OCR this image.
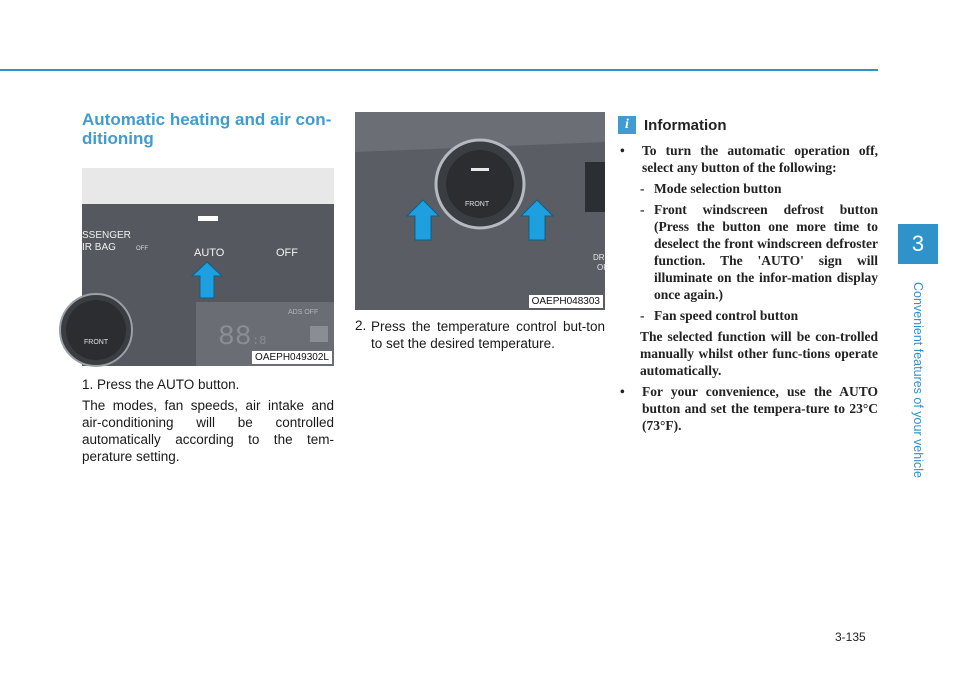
Automatic heating and air con-ditioning
SSENGER
IR BAG	OFF	AUTO	OFF
FRONT
ADS OFF
88 :8
OAEPH049302L

1. Press the AUTO button.

The modes, fan speeds, air intake and air-conditioning will be controlled automatically according to the tem-perature setting.

FRONT
DR
OF
OAEPH048303
2. Press the temperature control but-ton to set the desired temperature.

i	Information
•	To turn the automatic operation off, select any button of the following:

- Mode selection button

- Front windscreen defrost button (Press the button one more time to deselect the front windscreen defroster function. The 'AUTO' sign will illuminate on the infor-mation display once again.)

- Fan speed control button

The selected function will be con-trolled manually whilst other func-tions operate automatically.

•	For your convenience, use the AUTO button and set the tempera-ture to 23°C (73°F).

3
Convenient features of your vehicle
3-135
